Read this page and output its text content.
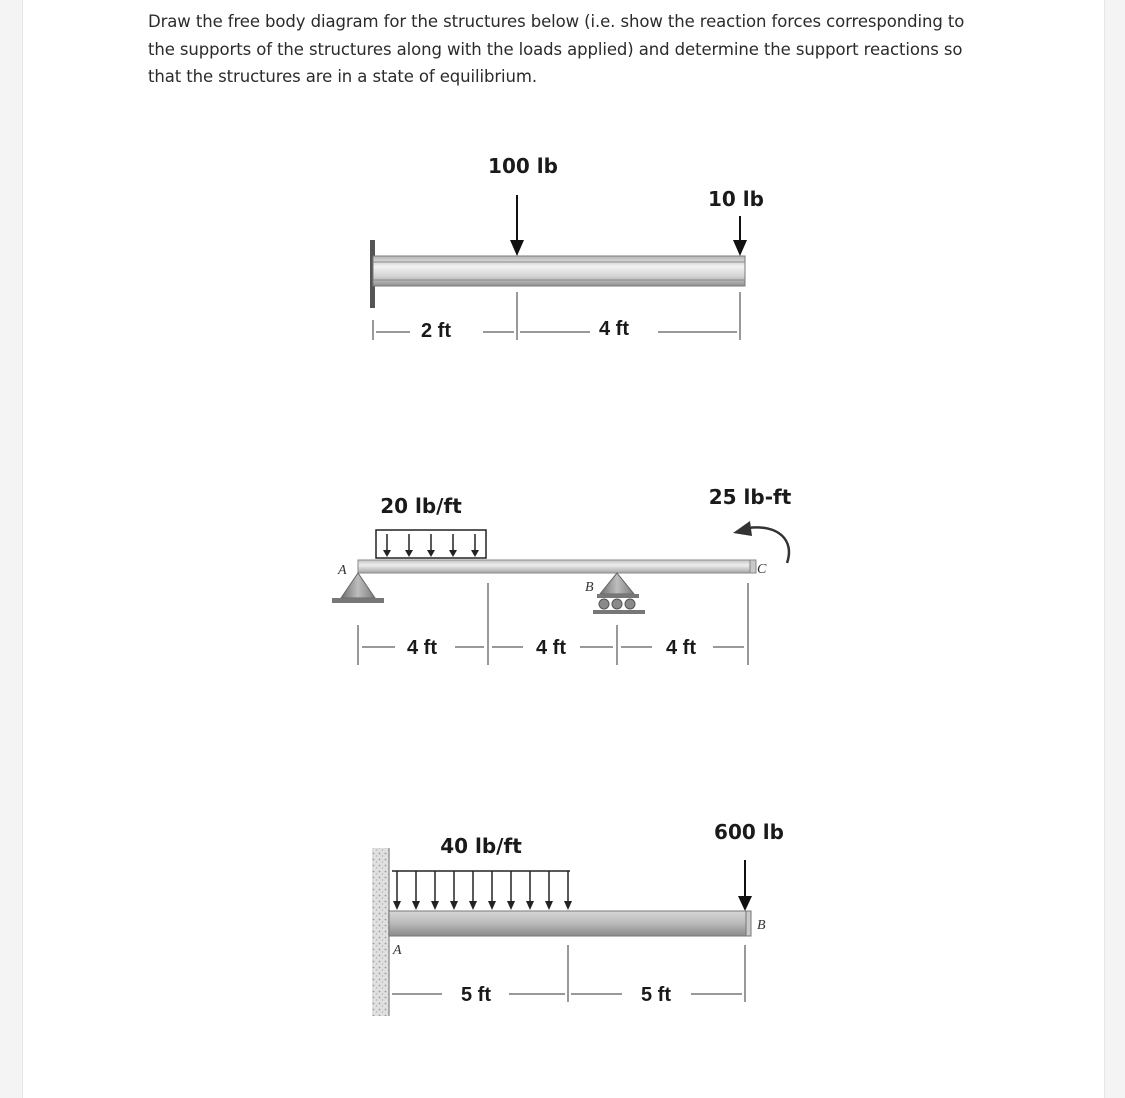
Draw the free body diagram for the structures below (i.e. show the reaction forces corresponding to the supports of the structures along with the loads applied) and determine the support reactions so that the structures are in a state of equilibrium.
100 lb
10 lb
2 ft	4 ft
20 lb/ft
A
B
C
25 lb-ft
4 ft	4 ft	4 ft
40 lb/ft
600 lb
A
B
5 ft	5 ft
